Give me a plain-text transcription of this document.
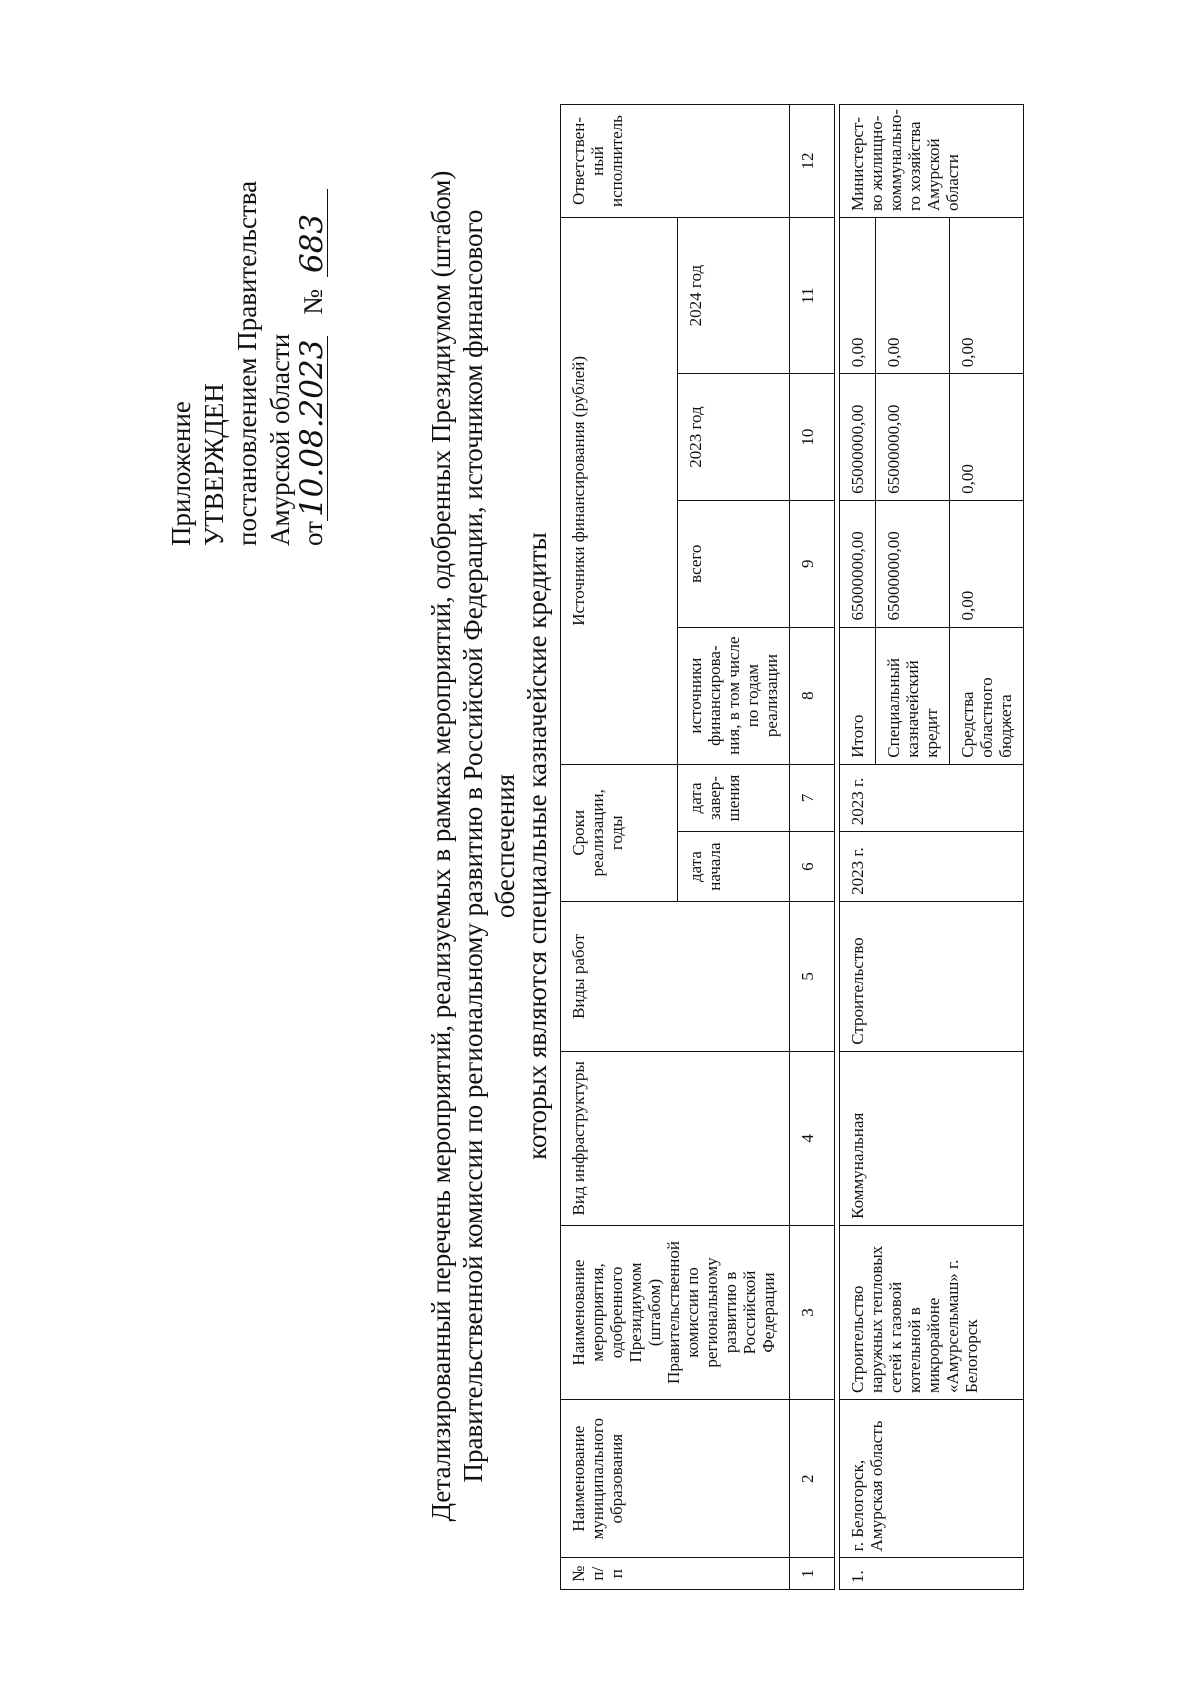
Приложение УТВЕРЖДЕН постановлением Правительства Амурской области от10.08.2023 №683	Детализированный перечень мероприятий, реализуемых в рамках мероприятий, одобренных Президиумом (штабом) Правительственной комиссии по региональному развитию в Российской Федерации, источником финансового обеспечения которых являются специальные казначейские кредиты
№ п/п	Наименование муниципального образования	Наименование мероприятия, одобренного Президиумом (штабом) Правительственной комиссии по региональному развитию в Российской Федерации	Вид инфраструктуры	Виды работ	Сроки реализации, годы		Источники финансирования (рублей)				Ответствен-ный исполнитель
					дата начала	дата завер-шения	источники финансирова-ния, в том числе по годам реализации	всего	2023 год	2024 год	
1	2	3	4	5	6	7	8	9	10	11	12

1.	г. Белогорск, Амурская область	Строительство наружных тепловых сетей к газовой котельной в микрорайоне «Амурсельмаш» г. Белогорск	Коммунальная	Строительство	2023 г.	2023 г.	Итого	65000000,00	65000000,00	0,00	Министерст-во жилищно-коммунально-го хозяйства Амурской области
							Специальный казначейский кредит	65000000,00	65000000,00	0,00	
							Средства областного бюджета	0,00	0,00	0,00	
